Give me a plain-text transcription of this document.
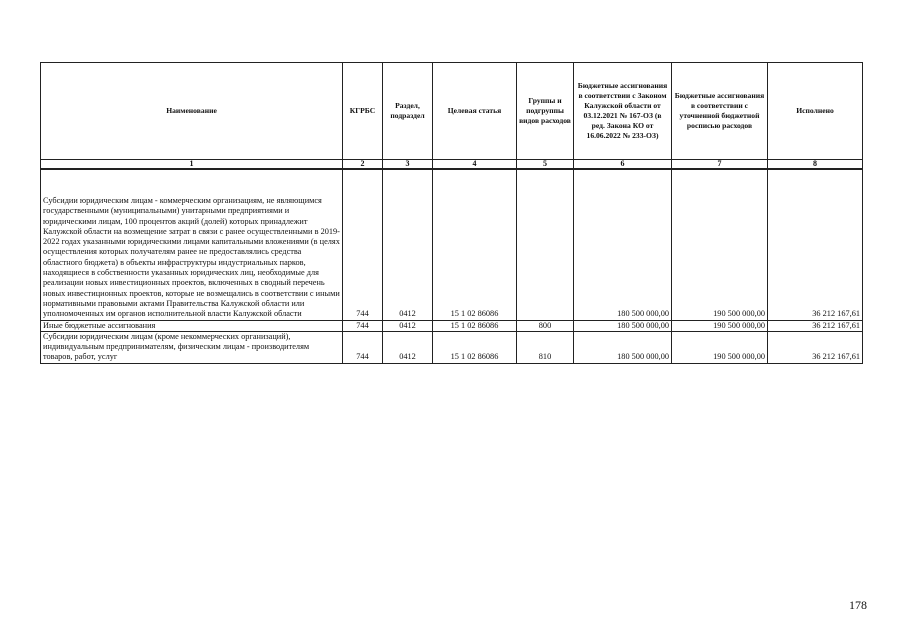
Наименование	КГРБС	Раздел, подраздел	Целевая статья	Группы и подгруппы видов расходов	Бюджетные ассигнования в соответствии с Законом Калужской области от 03.12.2021 № 167-ОЗ (в ред. Закона КО от 16.06.2022 № 233-ОЗ)	Бюджетные ассигнования в соответствии с уточненной бюджетной росписью расходов	Исполнено
1	2	3	4	5	6	7	8
Субсидии юридическим лицам - коммерческим организациям, не являющимся государственными (муниципальными) унитарными предприятиями и юридическими лицам, 100 процентов акций (долей) которых принадлежит Калужской области на возмещение затрат в связи с ранее осуществленными в 2019-2022 годах указанными юридическими лицами капитальными вложениями (в целях осуществления которых получателям ранее не предоставлялись средства областного бюджета) в объекты инфраструктуры индустриальных парков, находящиеся в собственности указанных юридических лиц, необходимые для реализации новых инвестиционных проектов, включенных в сводный перечень новых инвестиционных проектов, которые не возмещались в соответствии с иными нормативными правовыми актами Правительства Калужской области или уполномоченных им органов исполнительной власти Калужской области	744	0412	15 1 02 86086		180 500 000,00	190 500 000,00	36 212 167,61
Иные бюджетные ассигнования	744	0412	15 1 02 86086	800	180 500 000,00	190 500 000,00	36 212 167,61
Субсидии юридическим лицам (кроме некоммерческих организаций), индивидуальным предпринимателям, физическим лицам - производителям товаров, работ, услуг	744	0412	15 1 02 86086	810	180 500 000,00	190 500 000,00	36 212 167,61
178
